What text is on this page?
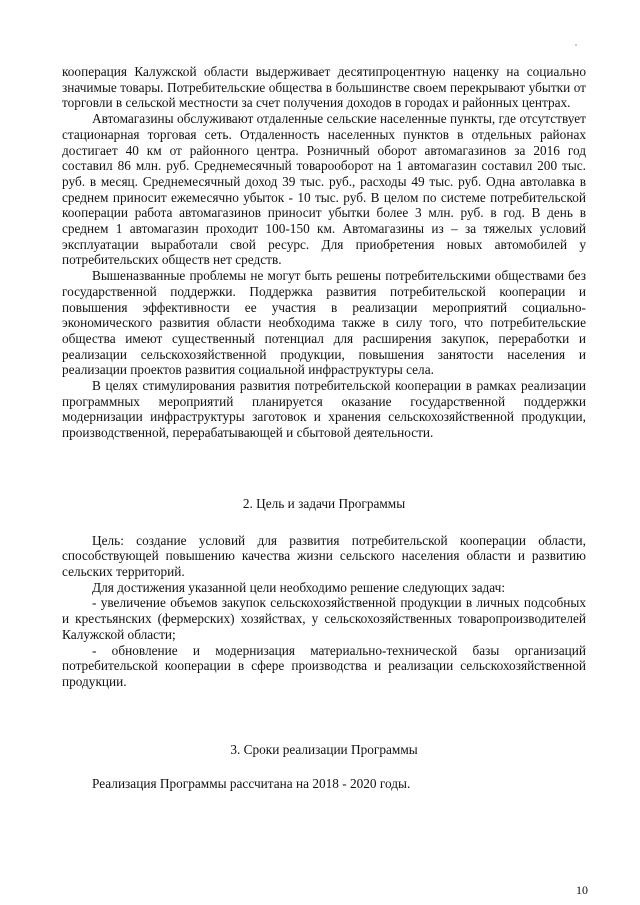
кооперация Калужской области выдерживает десятипроцентную наценку на социально значимые товары. Потребительские общества в большинстве своем перекрывают убытки от торговли в сельской местности за счет получения доходов в городах и районных центрах.

Автомагазины обслуживают отдаленные сельские населенные пункты, где отсутствует стационарная торговая сеть. Отдаленность населенных пунктов в отдельных районах достигает 40 км от районного центра. Розничный оборот автомагазинов за 2016 год составил 86 млн. руб. Среднемесячный товарооборот на 1 автомагазин составил 200 тыс. руб. в месяц. Среднемесячный доход 39 тыс. руб., расходы 49 тыс. руб. Одна автолавка в среднем приносит ежемесячно убыток - 10 тыс. руб. В целом по системе потребительской кооперации работа автомагазинов приносит убытки более 3 млн. руб. в год. В день в среднем 1 автомагазин проходит 100-150 км. Автомагазины из – за тяжелых условий эксплуатации выработали свой ресурс. Для приобретения новых автомобилей у потребительских обществ нет средств.

Вышеназванные проблемы не могут быть решены потребительскими обществами без государственной поддержки. Поддержка развития потребительской кооперации и повышения эффективности ее участия в реализации мероприятий социально-экономического развития области необходима также в силу того, что потребительские общества имеют существенный потенциал для расширения закупок, переработки и реализации сельскохозяйственной продукции, повышения занятости населения и реализации проектов развития социальной инфраструктуры села.

В целях стимулирования развития потребительской кооперации в рамках реализации программных мероприятий планируется оказание государственной поддержки модернизации инфраструктуры заготовок и хранения сельскохозяйственной продукции, производственной, перерабатывающей и сбытовой деятельности.

2. Цель и задачи Программы

Цель: создание условий для развития потребительской кооперации области, способствующей повышению качества жизни сельского населения области и развитию сельских территорий.

Для достижения указанной цели необходимо решение следующих задач:

- увеличение объемов закупок сельскохозяйственной продукции в личных подсобных и крестьянских (фермерских) хозяйствах, у сельскохозяйственных товаропроизводителей Калужской области;

- обновление и модернизация материально-технической базы организаций потребительской кооперации в сфере производства и реализации сельскохозяйственной продукции.

3. Сроки реализации Программы

Реализация Программы рассчитана на 2018 - 2020 годы.

10
